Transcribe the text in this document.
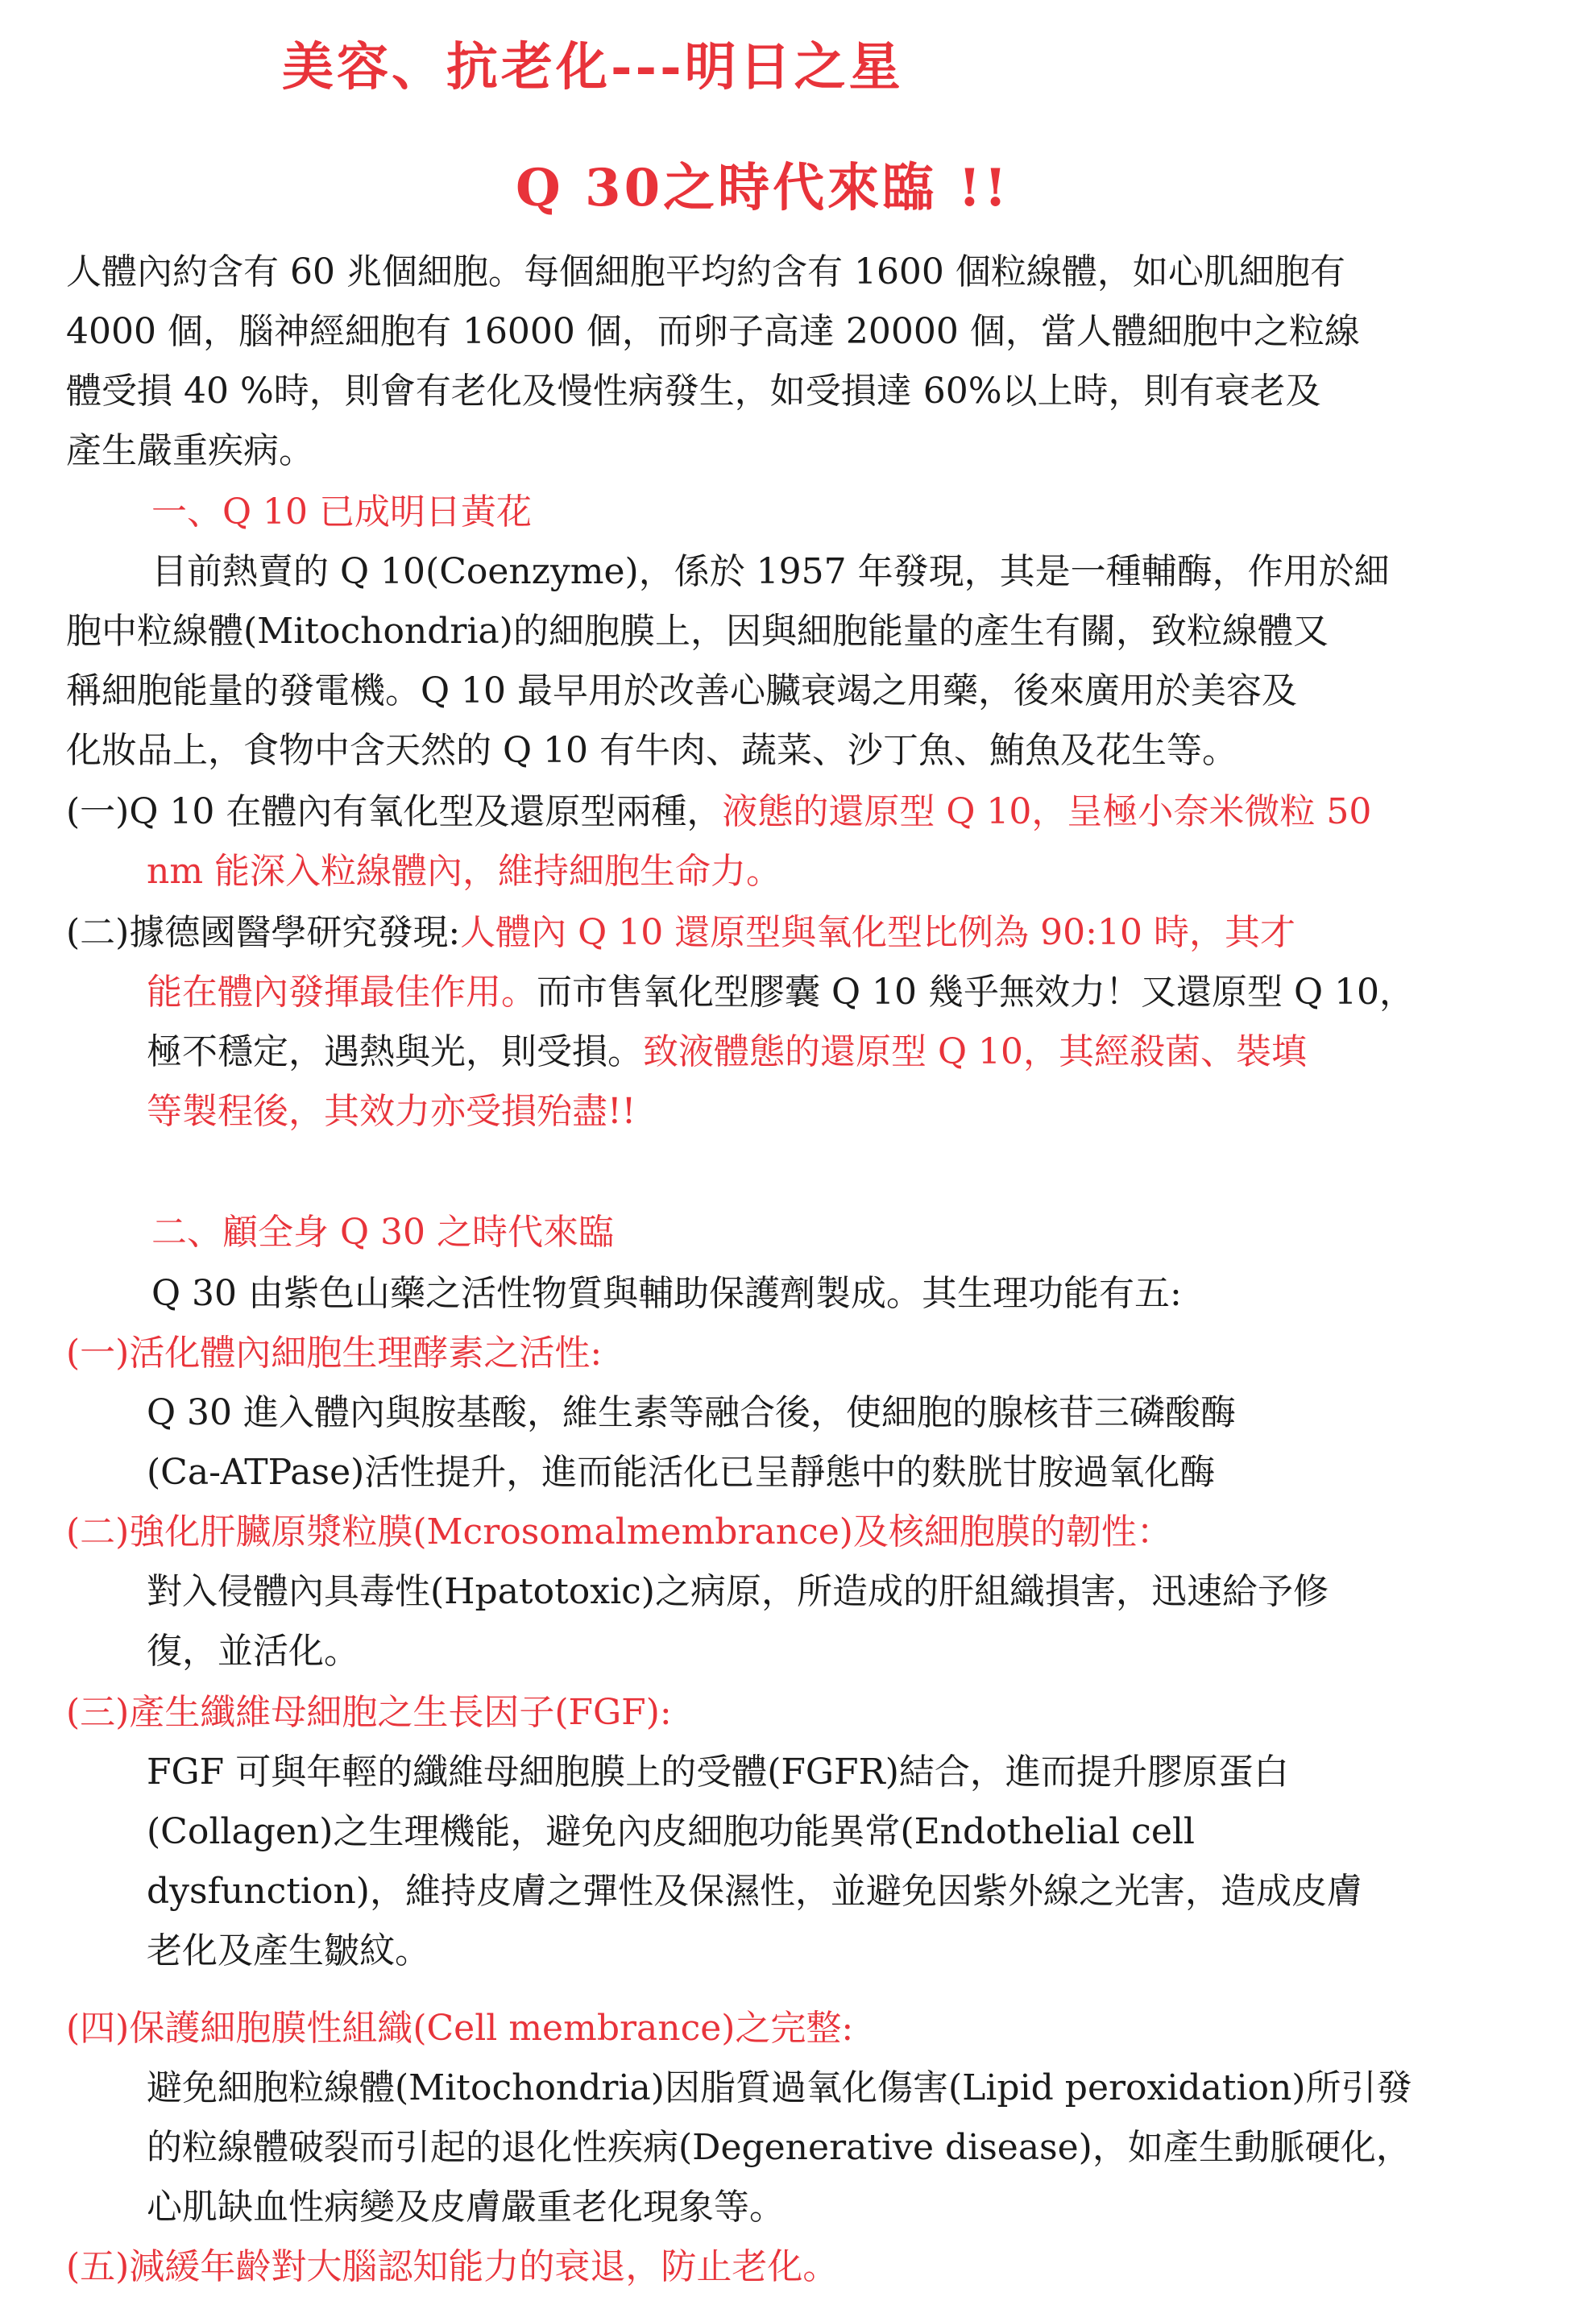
美容、抗老化---明日之星
Q 30之時代來臨 !!
人體內約含有 60 兆個細胞。每個細胞平均約含有 1600 個粒線體，如心肌細胞有
4000 個，腦神經細胞有 16000 個，而卵子高達 20000 個，當人體細胞中之粒線
體受損 40 %時，則會有老化及慢性病發生，如受損達 60%以上時，則有衰老及
產生嚴重疾病。
一、Q 10 已成明日黃花
目前熱賣的 Q 10(Coenzyme)，係於 1957 年發現，其是一種輔酶，作用於細
胞中粒線體(Mitochondria)的細胞膜上，因與細胞能量的產生有關，致粒線體又
稱細胞能量的發電機。Q 10 最早用於改善心臟衰竭之用藥，後來廣用於美容及
化妝品上，食物中含天然的 Q 10 有牛肉、蔬菜、沙丁魚、鮪魚及花生等。
(一)Q 10 在體內有氧化型及還原型兩種，液態的還原型 Q 10，呈極小奈米微粒 50
nm 能深入粒線體內，維持細胞生命力。
(二)據德國醫學研究發現:人體內 Q 10 還原型與氧化型比例為 90:10 時，其才
能在體內發揮最佳作用。而市售氧化型膠囊 Q 10 幾乎無效力！又還原型 Q 10，
極不穩定，遇熱與光，則受損。致液體態的還原型 Q 10，其經殺菌、裝填
等製程後，其效力亦受損殆盡!!
二、顧全身 Q 30 之時代來臨
Q 30 由紫色山藥之活性物質與輔助保護劑製成。其生理功能有五:
(一)活化體內細胞生理酵素之活性:
Q 30 進入體內與胺基酸，維生素等融合後，使細胞的腺核苷三磷酸酶
(Ca-ATPase)活性提升，進而能活化已呈靜態中的麩胱甘胺過氧化酶
(二)強化肝臟原漿粒膜(Mcrosomalmembrance)及核細胞膜的韌性：
對入侵體內具毒性(Hpatotoxic)之病原，所造成的肝組織損害，迅速給予修
復，並活化。
(三)產生纖維母細胞之生長因子(FGF):
FGF 可與年輕的纖維母細胞膜上的受體(FGFR)結合，進而提升膠原蛋白
(Collagen)之生理機能，避免內皮細胞功能異常(Endothelial cell
dysfunction)，維持皮膚之彈性及保濕性，並避免因紫外線之光害，造成皮膚
老化及產生皺紋。
(四)保護細胞膜性組織(Cell membrance)之完整:
避免細胞粒線體(Mitochondria)因脂質過氧化傷害(Lipid peroxidation)所引發
的粒線體破裂而引起的退化性疾病(Degenerative disease)，如產生動脈硬化，
心肌缺血性病變及皮膚嚴重老化現象等。
(五)減緩年齡對大腦認知能力的衰退，防止老化。
